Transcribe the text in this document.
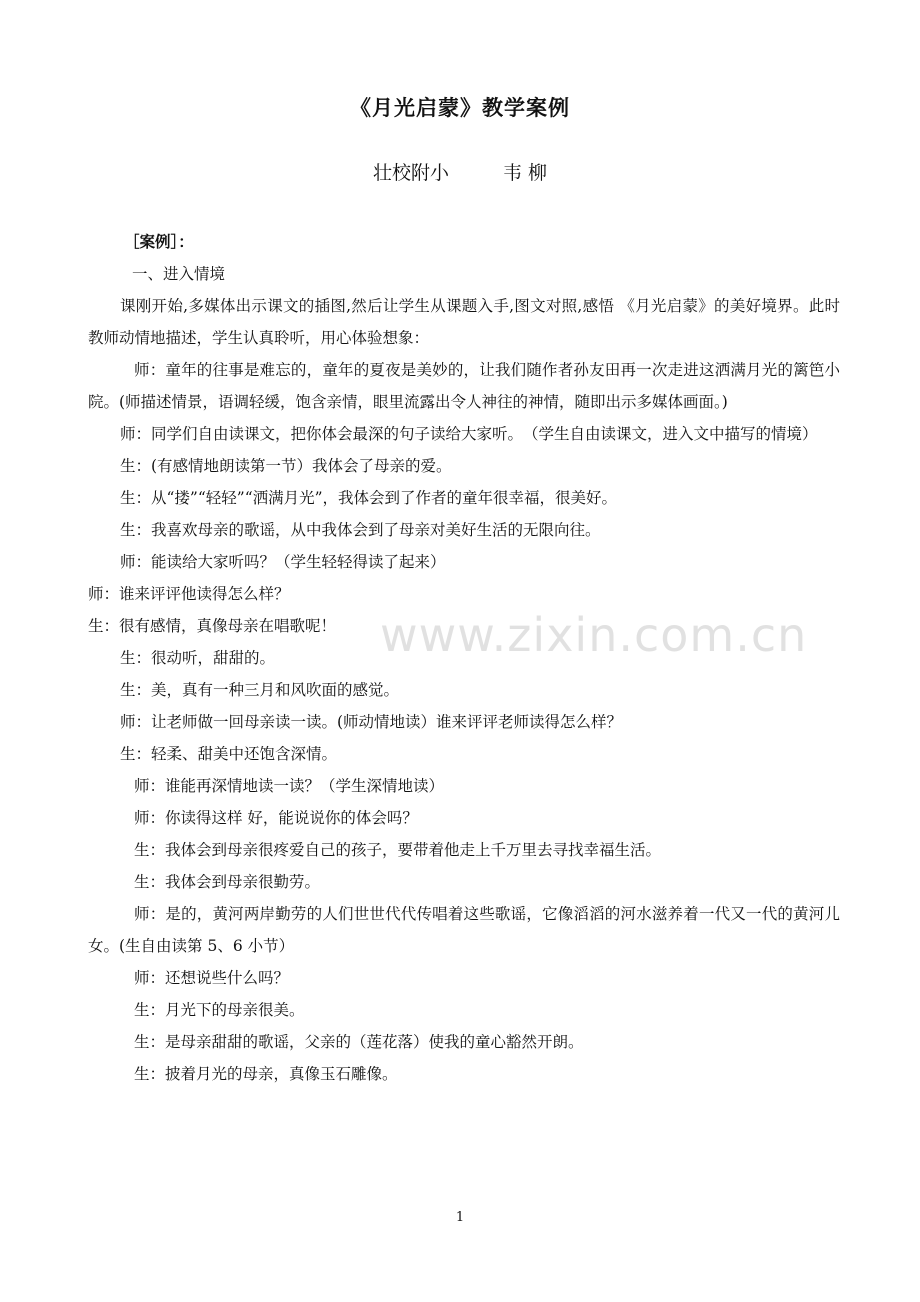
《月光启蒙》教学案例

壮校附小	韦 柳

［案例］：

一、进入情境

课刚开始,多媒体出示课文的插图,然后让学生从课题入手,图文对照,感悟 《月光启蒙》的美好境界。此时教师动情地描述，学生认真聆听，用心体验想象：

师：童年的往事是难忘的，童年的夏夜是美妙的，让我们随作者孙友田再一次走进这洒满月光的篱笆小院。(师描述情景，语调轻缓，饱含亲情，眼里流露出令人神往的神情，随即出示多媒体画面。)

师：同学们自由读课文，把你体会最深的句子读给大家听。　（学生自由读课文，进入文中描写的情境）

生：(有感情地朗读第一节）我体会了母亲的爱。

生：从“搂”“轻轻”“洒满月光”，我体会到了作者的童年很幸福，很美好。

生：我喜欢母亲的歌谣，从中我体会到了母亲对美好生活的无限向往。

师：能读给大家听吗？（学生轻轻得读了起来）

师：谁来评评他读得怎么样？

生：很有感情，真像母亲在唱歌呢！

生：很动听，甜甜的。

生：美，真有一种三月和风吹面的感觉。

师：让老师做一回母亲读一读。(师动情地读）谁来评评老师读得怎么样？

生：轻柔、甜美中还饱含深情。

师：谁能再深情地读一读？（学生深情地读）

师：你读得这样 好，能说说你的体会吗？

生：我体会到母亲很疼爱自己的孩子，要带着他走上千万里去寻找幸福生活。

生：我体会到母亲很勤劳。

师：是的，黄河两岸勤劳的人们世世代代传唱着这些歌谣，它像滔滔的河水滋养着一代又一代的黄河儿女。(生自由读第 5、6 小节）

师：还想说些什么吗？

生：月光下的母亲很美。

生：是母亲甜甜的歌谣，父亲的（莲花落）使我的童心豁然开朗。

生：披着月光的母亲，真像玉石雕像。

www.zixin.com.cn
1
